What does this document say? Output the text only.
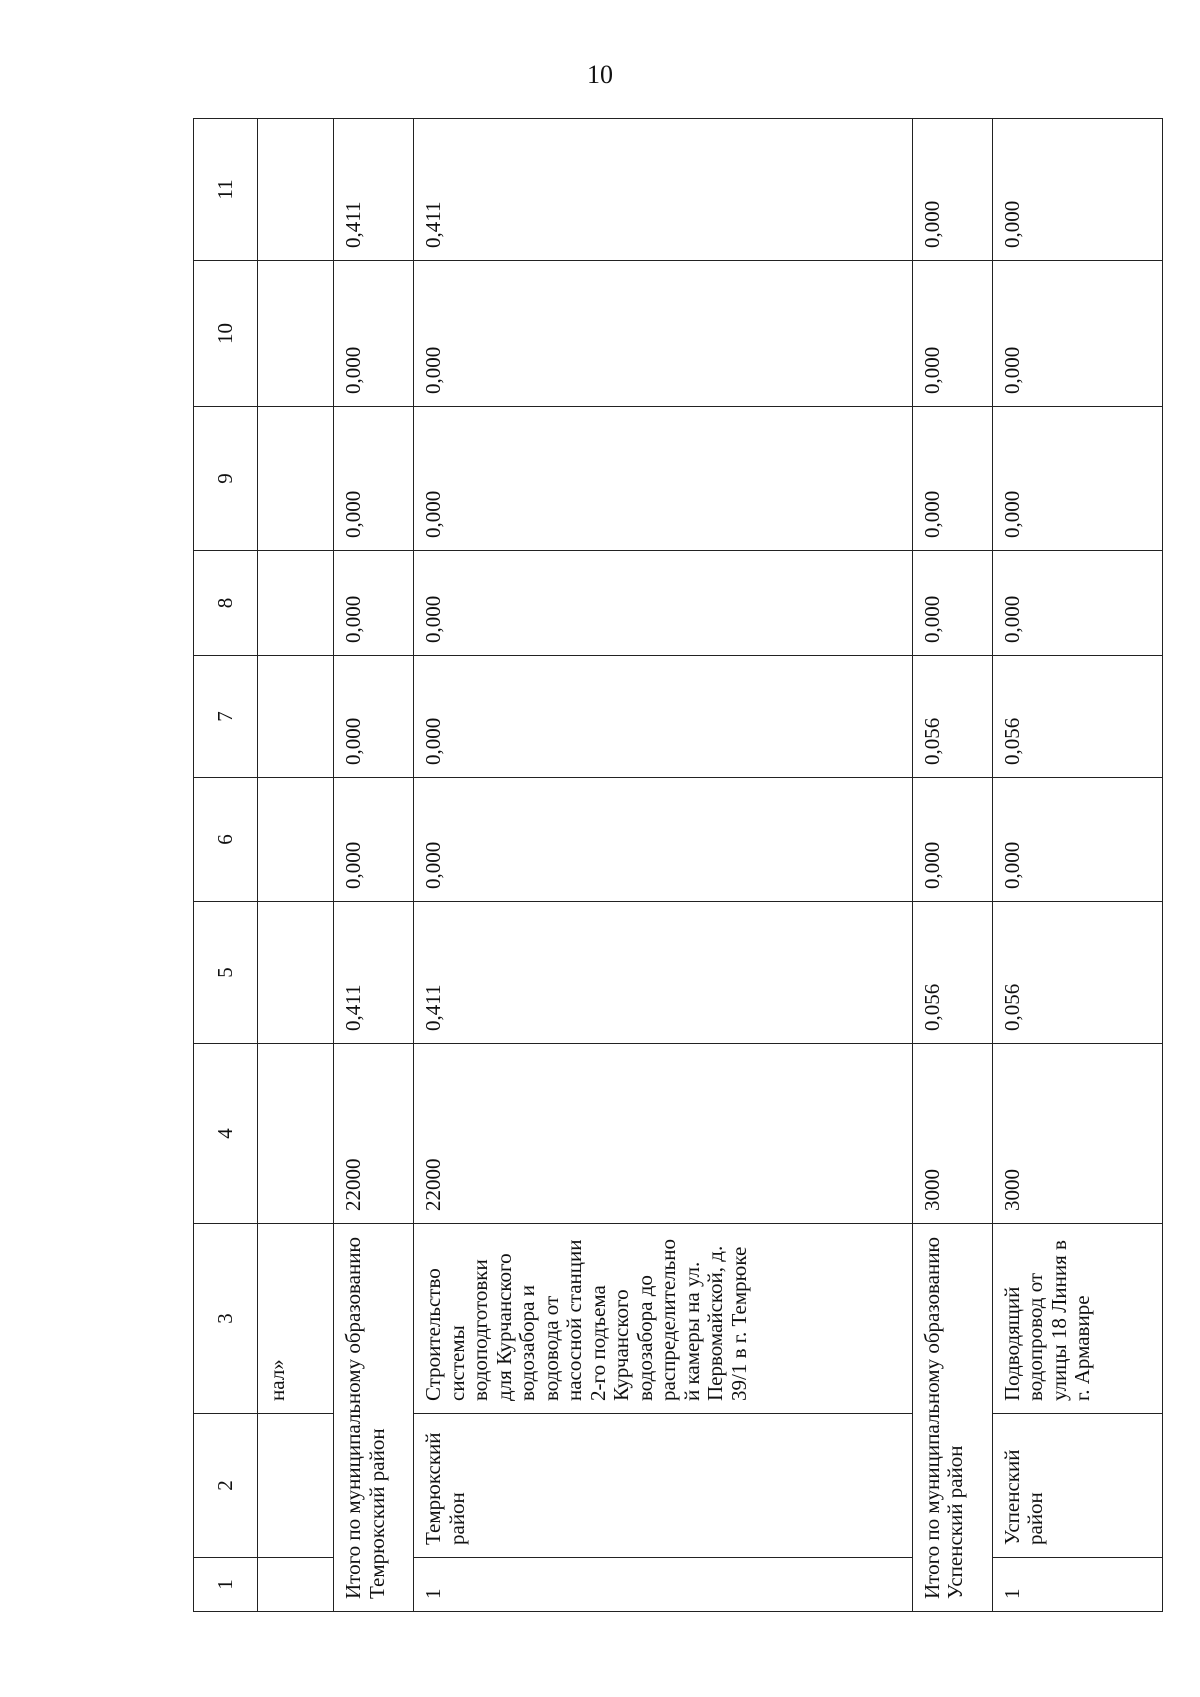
10
1	2	3	4	5	6	7	8	9	10	11
		нал»								
Итого по муниципальному образованию Темрюкский район			22000	0,411	0,000	0,000	0,000	0,000	0,000	0,411
1	Темрюкский район	Строительство системы водоподготовки для Курчанского водозабора и водовода от насосной станции 2-го подъема Курчанского водозабора до распределительной камеры на ул. Первомайской, д. 39/1 в г. Темрюке	22000	0,411	0,000	0,000	0,000	0,000	0,000	0,411
Итого по муниципальному образованию Успенский район			3000	0,056	0,000	0,056	0,000	0,000	0,000	0,000
1	Успенский район	Подводящий водопровод от улицы 18 Линия в г. Армавире	3000	0,056	0,000	0,056	0,000	0,000	0,000	0,000
